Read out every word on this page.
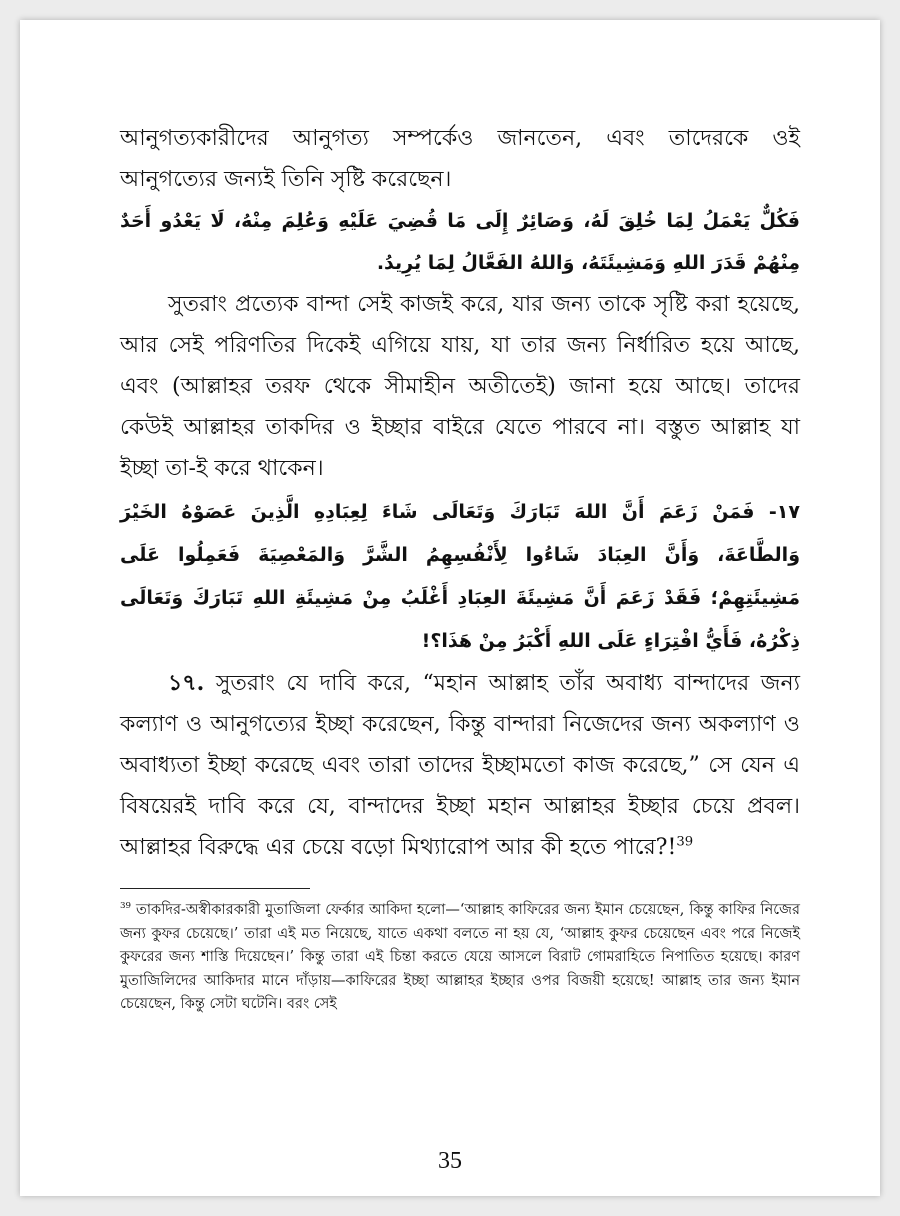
আনুগত্যকারীদের আনুগত্য সম্পর্কেও জানতেন, এবং তাদেরকে ওই আনুগত্যের জন্যই তিনি সৃষ্টি করেছেন।

فَكُلٌّ يَعْمَلُ لِمَا خُلِقَ لَهُ، وَصَائِرٌ إِلَى مَا قُضِيَ عَلَيْهِ وَعُلِمَ مِنْهُ، لَا يَعْدُو أَحَدٌ مِنْهُمْ قَدَرَ اللهِ وَمَشِيئَتَهُ، وَاللهُ الفَعَّالُ لِمَا يُرِيدُ.

সুতরাং প্রত্যেক বান্দা সেই কাজই করে, যার জন্য তাকে সৃষ্টি করা হয়েছে, আর সেই পরিণতির দিকেই এগিয়ে যায়, যা তার জন্য নির্ধারিত হয়ে আছে, এবং (আল্লাহর তরফ থেকে সীমাহীন অতীতেই) জানা হয়ে আছে। তাদের কেউই আল্লাহর তাকদির ও ইচ্ছার বাইরে যেতে পারবে না। বস্তুত আল্লাহ যা ইচ্ছা তা-ই করে থাকেন।

١٧- فَمَنْ زَعَمَ أَنَّ اللهَ تَبَارَكَ وَتَعَالَى شَاءَ لِعِبَادِهِ الَّذِينَ عَصَوْهُ الخَيْرَ وَالطَّاعَةَ، وَأَنَّ العِبَادَ شَاءُوا لِأَنْفُسِهِمُ الشَّرَّ وَالمَعْصِيَةَ فَعَمِلُوا عَلَى مَشِيئَتِهِمْ؛ فَقَدْ زَعَمَ أَنَّ مَشِيئَةَ العِبَادِ أَغْلَبُ مِنْ مَشِيئَةِ اللهِ تَبَارَكَ وَتَعَالَى ذِكْرُهُ، فَأَيُّ افْتِرَاءٍ عَلَى اللهِ أَكْبَرُ مِنْ هَذَا؟!

১৭. সুতরাং যে দাবি করে, “মহান আল্লাহ তাঁর অবাধ্য বান্দাদের জন্য কল্যাণ ও আনুগত্যের ইচ্ছা করেছেন, কিন্তু বান্দারা নিজেদের জন্য অকল্যাণ ও অবাধ্যতা ইচ্ছা করেছে এবং তারা তাদের ইচ্ছামতো কাজ করেছে,” সে যেন এ বিষয়েরই দাবি করে যে, বান্দাদের ইচ্ছা মহান আল্লাহর ইচ্ছার চেয়ে প্রবল। আল্লাহর বিরুদ্ধে এর চেয়ে বড়ো মিথ্যারোপ আর কী হতে পারে?!$^{39}$

$^{39}$ তাকদির-অস্বীকারকারী মুতাজিলা ফের্কার আকিদা হলো—‘আল্লাহ কাফিরের জন্য ইমান চেয়েছেন, কিন্তু কাফির নিজের জন্য কুফর চেয়েছে।’ তারা এই মত নিয়েছে, যাতে একথা বলতে না হয় যে, ‘আল্লাহ কুফর চেয়েছেন এবং পরে নিজেই কুফরের জন্য শাস্তি দিয়েছেন।’ কিন্তু তারা এই চিন্তা করতে যেয়ে আসলে বিরাট গোমরাহিতে নিপাতিত হয়েছে। কারণ মুতাজিলিদের আকিদার মানে দাঁড়ায়—কাফিরের ইচ্ছা আল্লাহর ইচ্ছার ওপর বিজয়ী হয়েছে! আল্লাহ তার জন্য ইমান চেয়েছেন, কিন্তু সেটা ঘটেনি। বরং সেই

35
